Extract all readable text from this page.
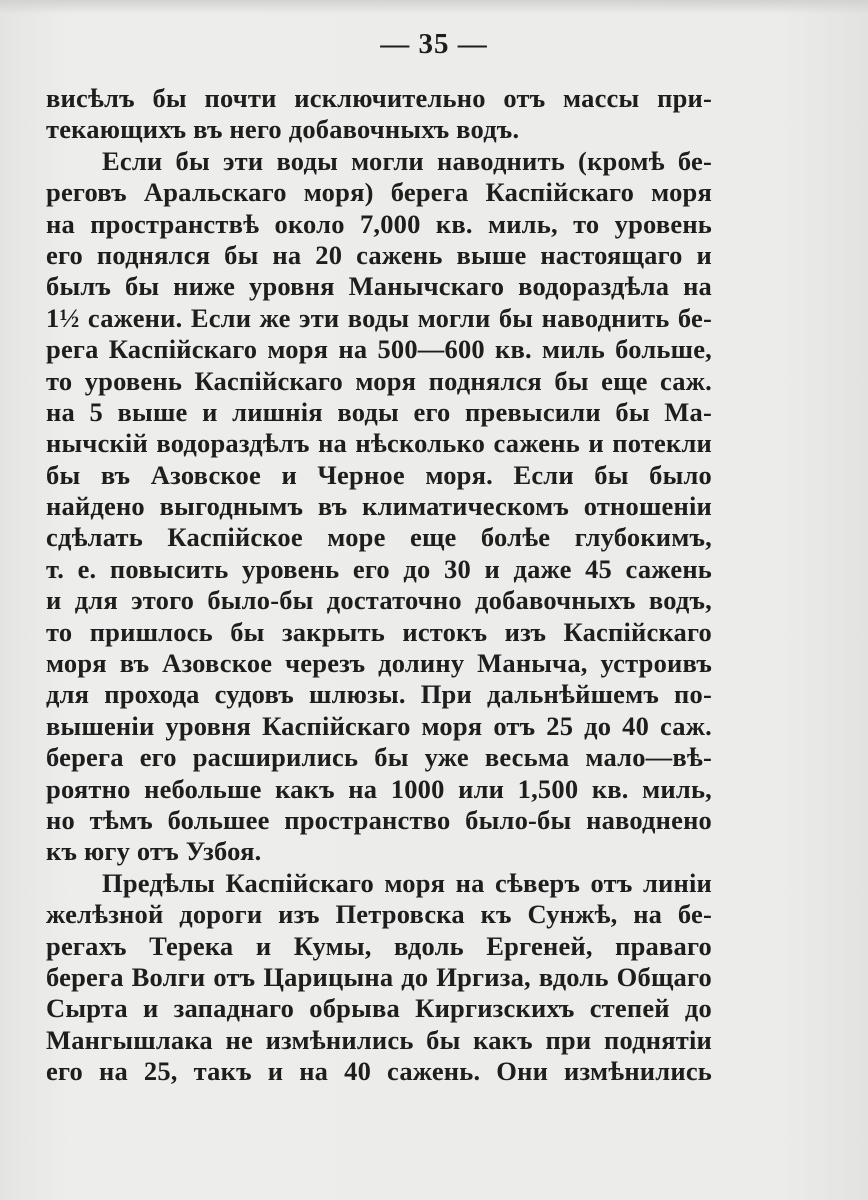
— 35 —
висѣлъ бы почти исключительно отъ массы при-
текающихъ въ него добавочныхъ водъ.
Если бы эти воды могли наводнить (кромѣ бе-
реговъ Аральскаго моря) берега Каспійскаго моря
на пространствѣ около 7,000 кв. миль, то уровень
его поднялся бы на 20 сажень выше настоящаго и
былъ бы ниже уровня Манычскаго водораздѣла на
1½ сажени. Если же эти воды могли бы наводнить бе-
рега Каспійскаго моря на 500—600 кв. миль больше,
то уровень Каспійскаго моря поднялся бы еще саж.
на 5 выше и лишнія воды его превысили бы Ма-
нычскій водораздѣлъ на нѣсколько сажень и потекли
бы въ Азовское и Черное моря. Если бы было
найдено выгоднымъ въ климатическомъ отношеніи
сдѣлать Каспійское море еще болѣе глубокимъ,
т. е. повысить уровень его до 30 и даже 45 сажень
и для этого было-бы достаточно добавочныхъ водъ,
то пришлось бы закрыть истокъ изъ Каспійскаго
моря въ Азовское черезъ долину Маныча, устроивъ
для прохода судовъ шлюзы. При дальнѣйшемъ по-
вышеніи уровня Каспійскаго моря отъ 25 до 40 саж.
берега его расширились бы уже весьма мало—вѣ-
роятно небольше какъ на 1000 или 1,500 кв. миль,
но тѣмъ большее пространство было-бы наводнено
къ югу отъ Узбоя.
Предѣлы Каспійскаго моря на сѣверъ отъ линіи
желѣзной дороги изъ Петровска къ Сунжѣ, на бе-
регахъ Терека и Кумы, вдоль Ергеней, праваго
берега Волги отъ Царицына до Иргиза, вдоль Общаго
Сырта и западнаго обрыва Киргизскихъ степей до
Мангышлака не измѣнились бы какъ при поднятіи
его на 25, такъ и на 40 сажень. Они измѣнились
